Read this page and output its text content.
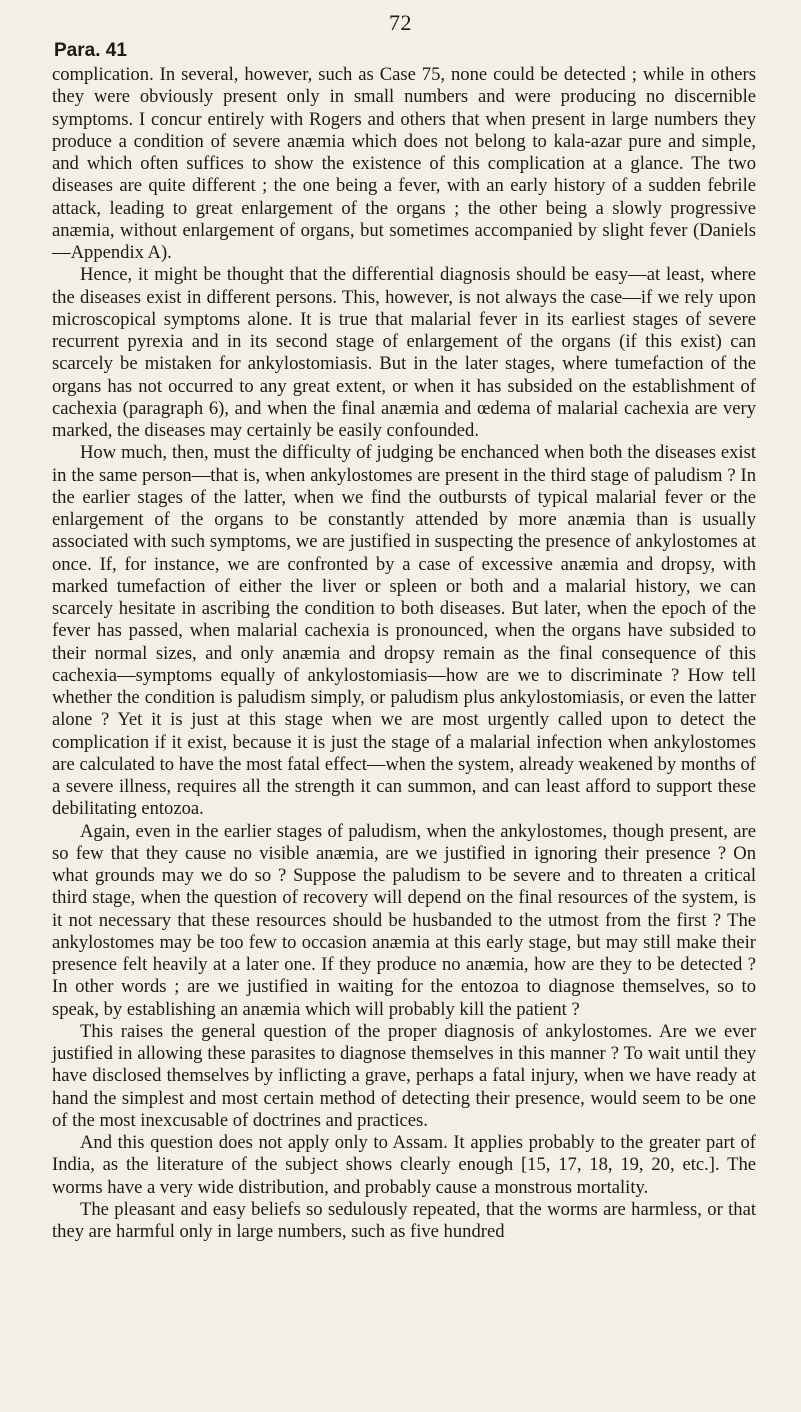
72
Para. 41

complication. In several, however, such as Case 75, none could be detected ; while in others they were obviously present only in small numbers and were producing no discernible symptoms. I concur entirely with Rogers and others that when present in large numbers they produce a condition of severe anæmia which does not belong to kala-azar pure and simple, and which often suffices to show the existence of this complication at a glance. The two diseases are quite different ; the one being a fever, with an early history of a sudden febrile attack, leading to great enlargement of the organs ; the other being a slowly progressive anæmia, without enlargement of organs, but sometimes accompanied by slight fever (Daniels—Appendix A).

Hence, it might be thought that the differential diagnosis should be easy—at least, where the diseases exist in different persons. This, however, is not always the case—if we rely upon microscopical symptoms alone. It is true that malarial fever in its earliest stages of severe recurrent pyrexia and in its second stage of enlargement of the organs (if this exist) can scarcely be mistaken for ankylostomiasis. But in the later stages, where tumefaction of the organs has not occurred to any great extent, or when it has subsided on the establishment of cachexia (paragraph 6), and when the final anæmia and œdema of malarial cachexia are very marked, the diseases may certainly be easily confounded.

How much, then, must the difficulty of judging be enchanced when both the diseases exist in the same person—that is, when ankylostomes are present in the third stage of paludism ? In the earlier stages of the latter, when we find the outbursts of typical malarial fever or the enlargement of the organs to be constantly attended by more anæmia than is usually associated with such symptoms, we are justified in suspecting the presence of ankylostomes at once. If, for instance, we are confronted by a case of excessive anæmia and dropsy, with marked tumefaction of either the liver or spleen or both and a malarial history, we can scarcely hesitate in ascribing the condition to both diseases. But later, when the epoch of the fever has passed, when malarial cachexia is pronounced, when the organs have subsided to their normal sizes, and only anæmia and dropsy remain as the final consequence of this cachexia—symptoms equally of ankylostomiasis—how are we to discriminate ? How tell whether the condition is paludism simply, or paludism plus ankylostomiasis, or even the latter alone ? Yet it is just at this stage when we are most urgently called upon to detect the complication if it exist, because it is just the stage of a malarial infection when ankylostomes are calculated to have the most fatal effect—when the system, already weakened by months of a severe illness, requires all the strength it can summon, and can least afford to support these debilitating entozoa.

Again, even in the earlier stages of paludism, when the ankylostomes, though present, are so few that they cause no visible anæmia, are we justified in ignoring their presence ? On what grounds may we do so ? Suppose the paludism to be severe and to threaten a critical third stage, when the question of recovery will depend on the final resources of the system, is it not necessary that these resources should be husbanded to the utmost from the first ? The ankylostomes may be too few to occasion anæmia at this early stage, but may still make their presence felt heavily at a later one. If they produce no anæmia, how are they to be detected ? In other words ; are we justified in waiting for the entozoa to diagnose themselves, so to speak, by establishing an anæmia which will probably kill the patient ?

This raises the general question of the proper diagnosis of ankylostomes. Are we ever justified in allowing these parasites to diagnose themselves in this manner ? To wait until they have disclosed themselves by inflicting a grave, perhaps a fatal injury, when we have ready at hand the simplest and most certain method of detecting their presence, would seem to be one of the most inexcusable of doctrines and practices.

And this question does not apply only to Assam. It applies probably to the greater part of India, as the literature of the subject shows clearly enough [15, 17, 18, 19, 20, etc.]. The worms have a very wide distribution, and probably cause a monstrous mortality.

The pleasant and easy beliefs so sedulously repeated, that the worms are harmless, or that they are harmful only in large numbers, such as five hundred
